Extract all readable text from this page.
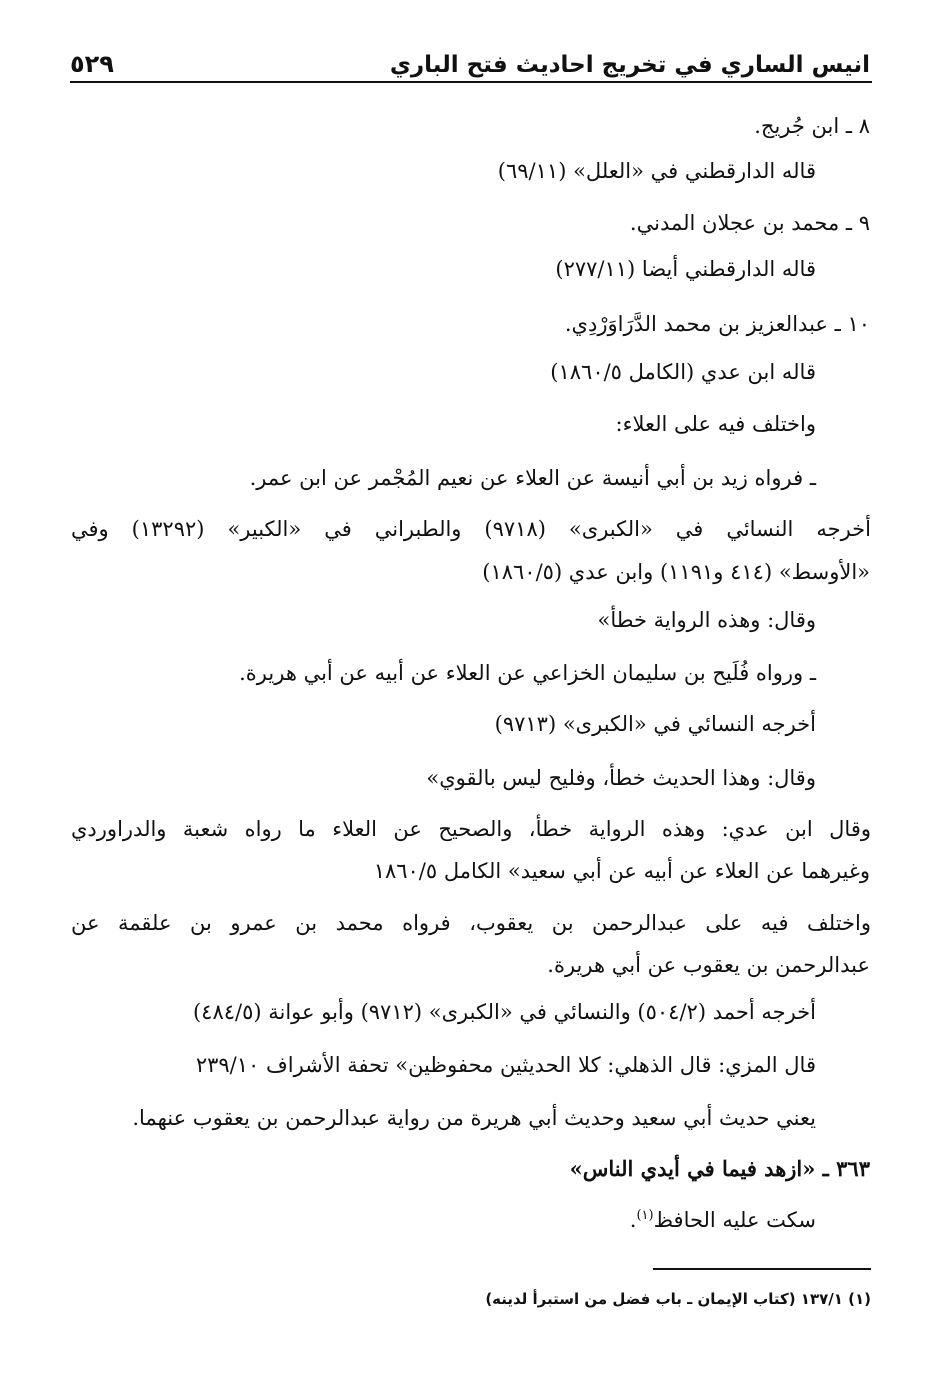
انيس الساري في تخريج احاديث فتح الباري
٥٢٩
٨ ـ ابن جُريج.
قاله الدارقطني في «العلل» (٦٩/١١)
٩ ـ محمد بن عجلان المدني.
قاله الدارقطني أيضا (٢٧٧/١١)
١٠ ـ عبدالعزيز بن محمد الدَّرَاوَرْدِي.
قاله ابن عدي (الكامل ١٨٦٠/٥)
واختلف فيه على العلاء:
ـ فرواه زيد بن أبي أنيسة عن العلاء عن نعيم المُجْمر عن ابن عمر.
أخرجه النسائي في «الكبرى» (٩٧١٨) والطبراني في «الكبير» (١٣٢٩٢) وفي
«الأوسط» (٤١٤ و١١٩١) وابن عدي (١٨٦٠/٥)
وقال: وهذه الرواية خطأ»
ـ ورواه فُلَيح بن سليمان الخزاعي عن العلاء عن أبيه عن أبي هريرة.
أخرجه النسائي في «الكبرى» (٩٧١٣)
وقال: وهذا الحديث خطأ، وفليح ليس بالقوي»
وقال ابن عدي: وهذه الرواية خطأ، والصحيح عن العلاء ما رواه شعبة والدراوردي
وغيرهما عن العلاء عن أبيه عن أبي سعيد» الكامل ١٨٦٠/٥
واختلف فيه على عبدالرحمن بن يعقوب، فرواه محمد بن عمرو بن علقمة عن
عبدالرحمن بن يعقوب عن أبي هريرة.
أخرجه أحمد (٥٠٤/٢) والنسائي في «الكبرى» (٩٧١٢) وأبو عوانة (٤٨٤/٥)
قال المزي: قال الذهلي: كلا الحديثين محفوظين» تحفة الأشراف ٢٣٩/١٠
يعني حديث أبي سعيد وحديث أبي هريرة من رواية عبدالرحمن بن يعقوب عنهما.
٣٦٣ ـ «ازهد فيما في أيدي الناس»
سكت عليه الحافظ$^{(١)}$.
(١) ١٣٧/١ (كتاب الإيمان ـ باب فضل من استبرأ لدينه)
